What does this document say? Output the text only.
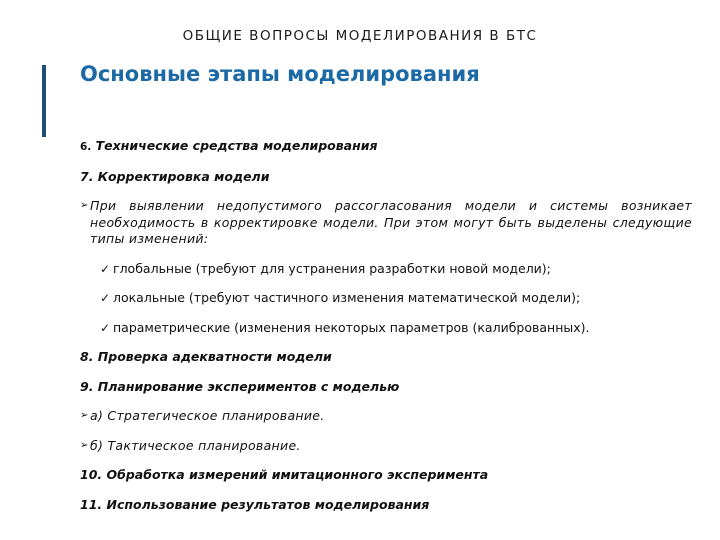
ОБЩИЕ ВОПРОСЫ МОДЕЛИРОВАНИЯ В БТС
Основные этапы моделирования
6. Технические средства моделирования
7. Корректировка модели
➢ При выявлении недопустимого рассогласования модели и системы возникает необходимость в корректировке модели. При этом могут быть выделены следующие типы изменений:
✓ глобальные (требуют для устранения разработки новой модели);
✓ локальные (требуют частичного изменения математической модели);
✓ параметрические (изменения некоторых параметров (калиброванных).
8. Проверка адекватности модели
9. Планирование экспериментов с моделью
➢ а) Стратегическое планирование.
➢ б) Тактическое планирование.
10. Обработка измерений имитационного эксперимента
11. Использование результатов моделирования
